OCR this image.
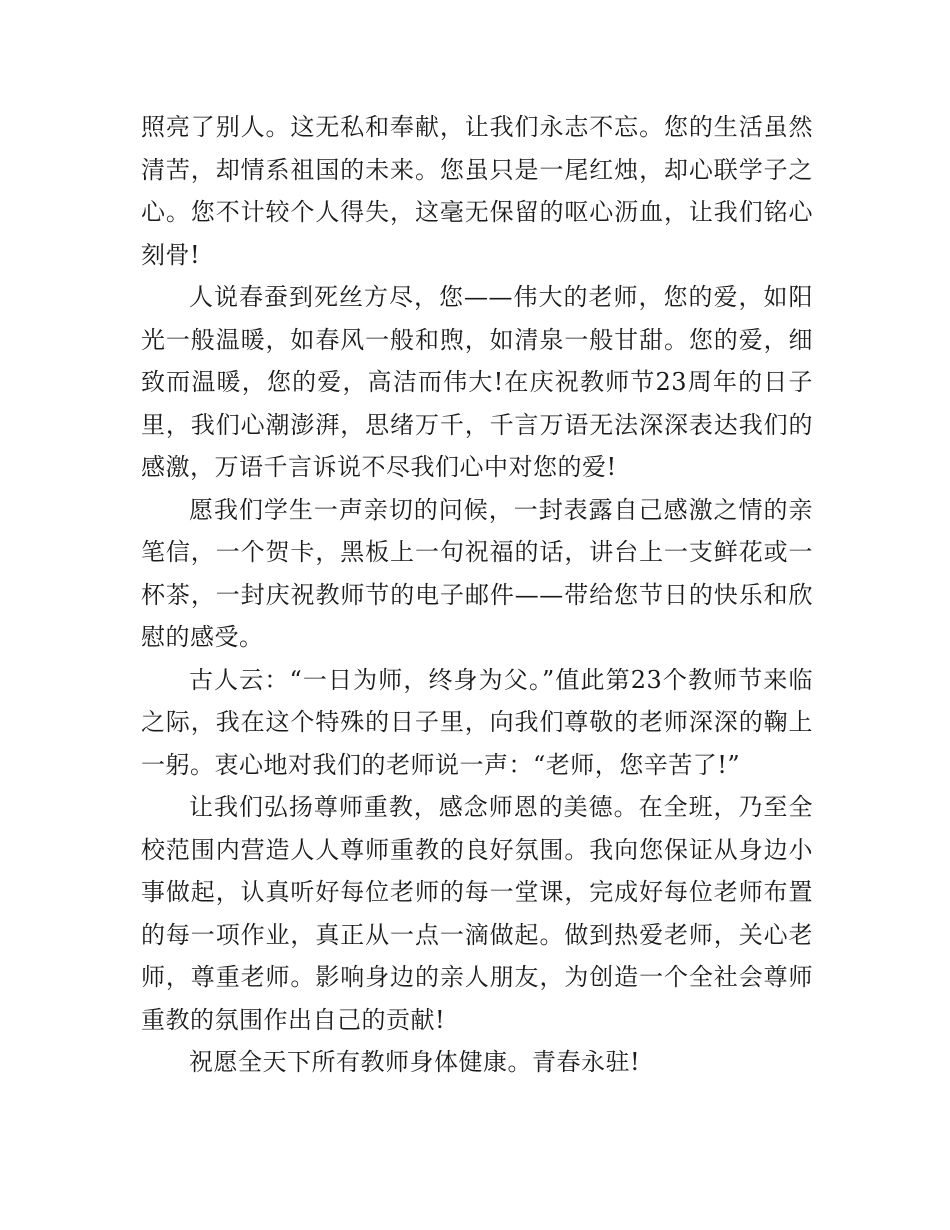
照亮了别人。这无私和奉献，让我们永志不忘。您的生活虽然清苦，却情系祖国的未来。您虽只是一尾红烛，却心联学子之心。您不计较个人得失，这毫无保留的呕心沥血，让我们铭心刻骨!

人说春蚕到死丝方尽，您——伟大的老师，您的爱，如阳光一般温暖，如春风一般和煦，如清泉一般甘甜。您的爱，细致而温暖，您的爱，高洁而伟大!在庆祝教师节23周年的日子里，我们心潮澎湃，思绪万千，千言万语无法深深表达我们的感激，万语千言诉说不尽我们心中对您的爱!

愿我们学生一声亲切的问候，一封表露自己感激之情的亲笔信，一个贺卡，黑板上一句祝福的话，讲台上一支鲜花或一杯茶，一封庆祝教师节的电子邮件——带给您节日的快乐和欣慰的感受。

古人云：“一日为师，终身为父。”值此第23个教师节来临之际，我在这个特殊的日子里，向我们尊敬的老师深深的鞠上一躬。衷心地对我们的老师说一声：“老师，您辛苦了!”

让我们弘扬尊师重教，感念师恩的美德。在全班，乃至全校范围内营造人人尊师重教的良好氛围。我向您保证从身边小事做起，认真听好每位老师的每一堂课，完成好每位老师布置的每一项作业，真正从一点一滴做起。做到热爱老师，关心老师，尊重老师。影响身边的亲人朋友，为创造一个全社会尊师重教的氛围作出自己的贡献!

祝愿全天下所有教师身体健康。青春永驻!
